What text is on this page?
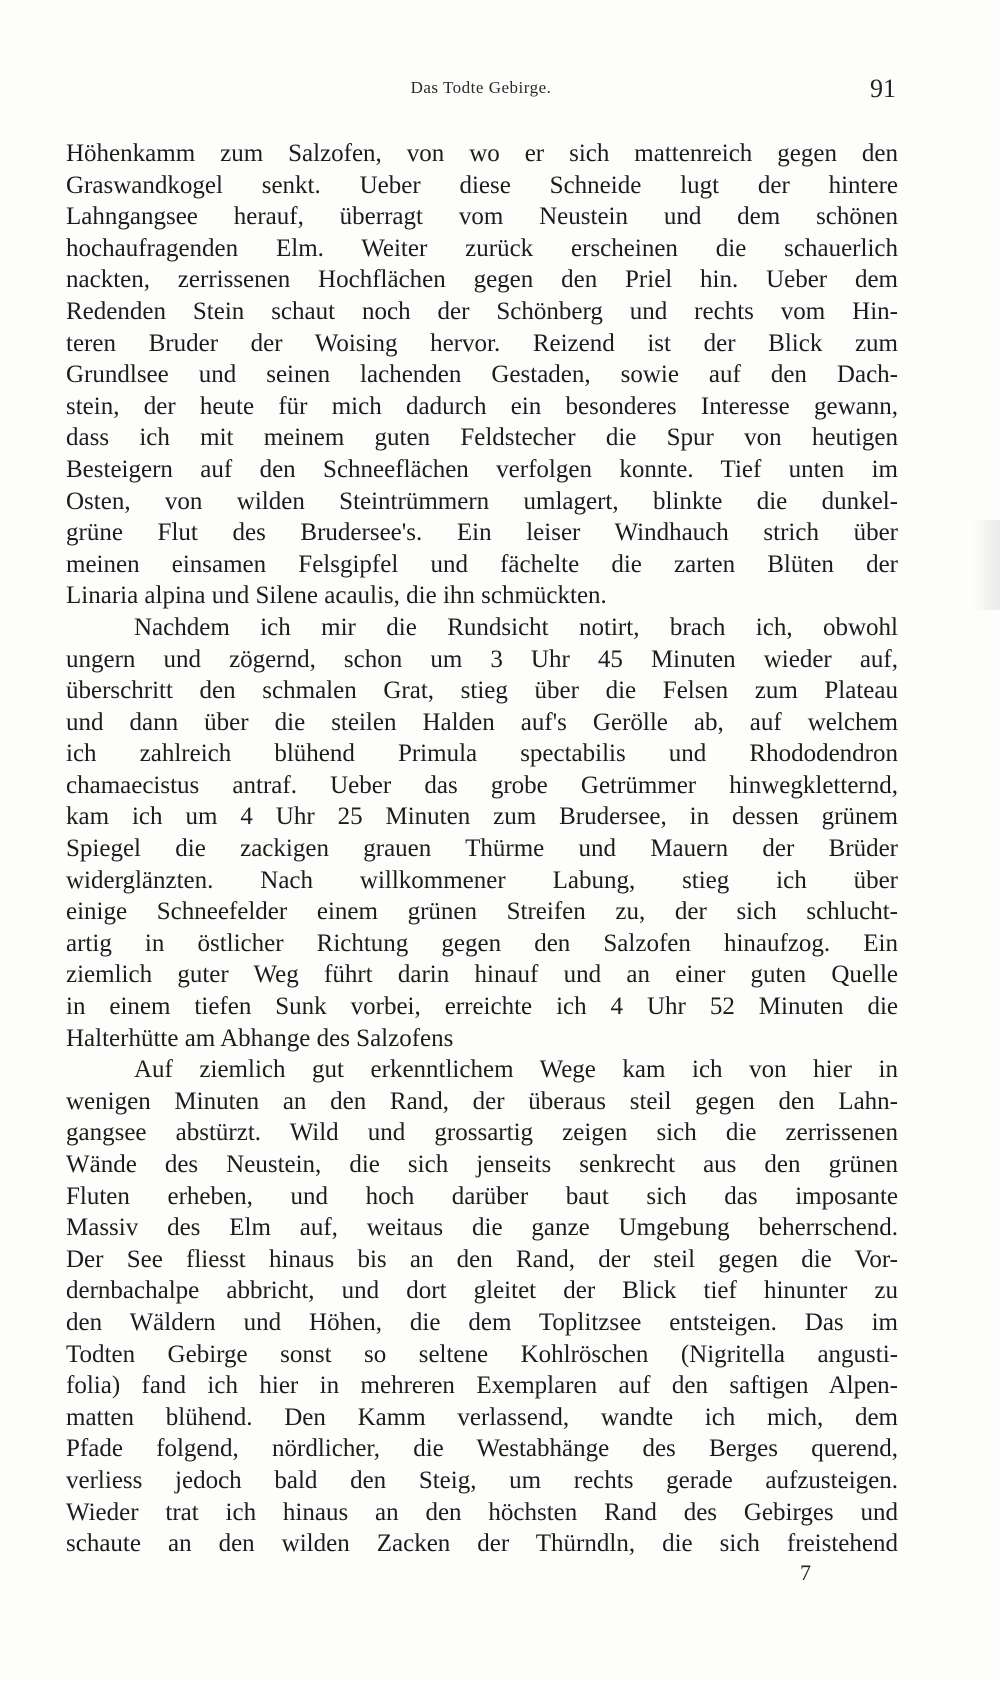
Das Todte Gebirge.	91
Höhenkamm zum Salzofen, von wo er sich mattenreich gegen den
Graswandkogel senkt. Ueber diese Schneide lugt der hintere
Lahngangsee herauf, überragt vom Neustein und dem schönen
hochaufragenden Elm. Weiter zurück erscheinen die schauerlich
nackten, zerrissenen Hochflächen gegen den Priel hin. Ueber dem
Redenden Stein schaut noch der Schönberg und rechts vom Hin-
teren Bruder der Woising hervor. Reizend ist der Blick zum
Grundlsee und seinen lachenden Gestaden, sowie auf den Dach-
stein, der heute für mich dadurch ein besonderes Interesse gewann,
dass ich mit meinem guten Feldstecher die Spur von heutigen
Besteigern auf den Schneeflächen verfolgen konnte. Tief unten im
Osten, von wilden Steintrümmern umlagert, blinkte die dunkel-
grüne Flut des Brudersee's. Ein leiser Windhauch strich über
meinen einsamen Felsgipfel und fächelte die zarten Blüten der
Linaria alpina und Silene acaulis, die ihn schmückten.
Nachdem ich mir die Rundsicht notirt, brach ich, obwohl
ungern und zögernd, schon um 3 Uhr 45 Minuten wieder auf,
überschritt den schmalen Grat, stieg über die Felsen zum Plateau
und dann über die steilen Halden auf's Gerölle ab, auf welchem
ich zahlreich blühend Primula spectabilis und Rhododendron
chamaecistus antraf. Ueber das grobe Getrümmer hinwegkletternd,
kam ich um 4 Uhr 25 Minuten zum Brudersee, in dessen grünem
Spiegel die zackigen grauen Thürme und Mauern der Brüder
widerglänzten. Nach willkommener Labung, stieg ich über
einige Schneefelder einem grünen Streifen zu, der sich schlucht-
artig in östlicher Richtung gegen den Salzofen hinaufzog. Ein
ziemlich guter Weg führt darin hinauf und an einer guten Quelle
in einem tiefen Sunk vorbei, erreichte ich 4 Uhr 52 Minuten die
Halterhütte am Abhange des Salzofens
Auf ziemlich gut erkenntlichem Wege kam ich von hier in
wenigen Minuten an den Rand, der überaus steil gegen den Lahn-
gangsee abstürzt. Wild und grossartig zeigen sich die zerrissenen
Wände des Neustein, die sich jenseits senkrecht aus den grünen
Fluten erheben, und hoch darüber baut sich das imposante
Massiv des Elm auf, weitaus die ganze Umgebung beherrschend.
Der See fliesst hinaus bis an den Rand, der steil gegen die Vor-
dernbachalpe abbricht, und dort gleitet der Blick tief hinunter zu
den Wäldern und Höhen, die dem Toplitzsee entsteigen. Das im
Todten Gebirge sonst so seltene Kohlröschen (Nigritella angusti-
folia) fand ich hier in mehreren Exemplaren auf den saftigen Alpen-
matten blühend. Den Kamm verlassend, wandte ich mich, dem
Pfade folgend, nördlicher, die Westabhänge des Berges querend,
verliess jedoch bald den Steig, um rechts gerade aufzusteigen.
Wieder trat ich hinaus an den höchsten Rand des Gebirges und
schaute an den wilden Zacken der Thürndln, die sich freistehend
7
